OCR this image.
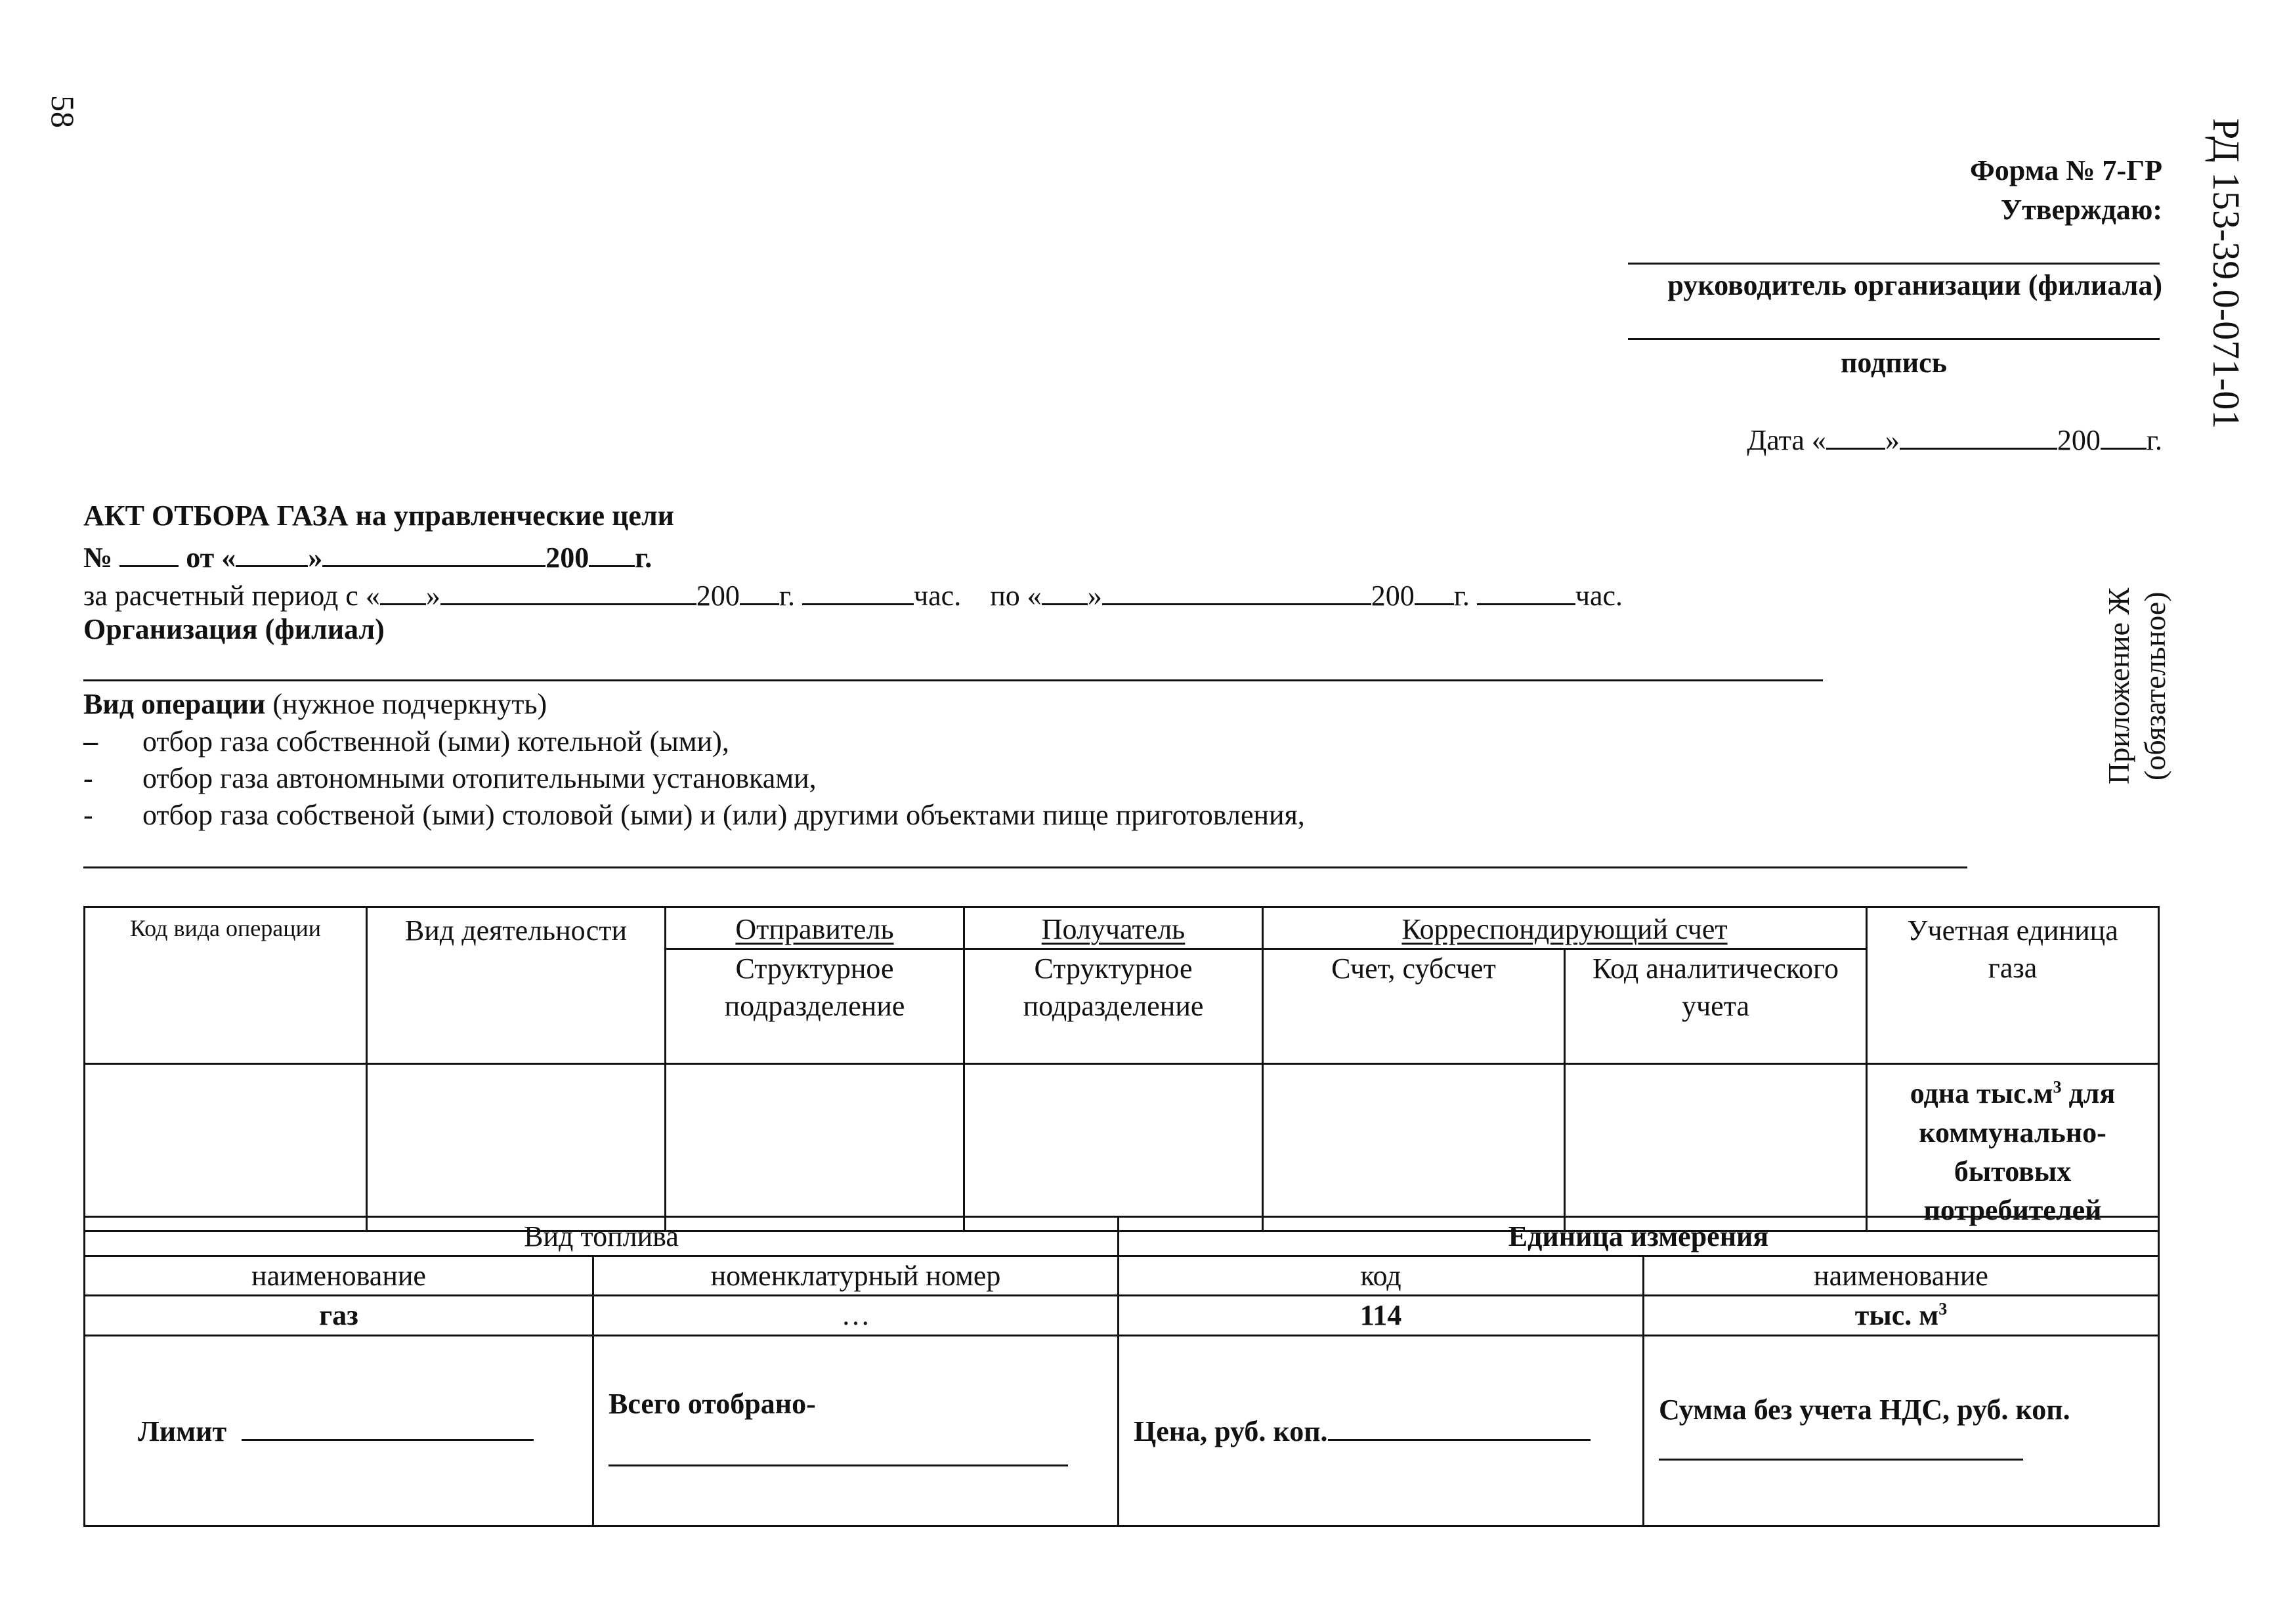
58
РД 153-39.0-071-01
Приложение Ж (обязательное)
Форма № 7-ГР
Утверждаю:
руководитель организации (филиала)
подпись
Дата « »	200 г.
АКТ ОТБОРА ГАЗА на управленческие цели
№	от «	»	200 г.
за расчетный период с « »	200 г.	час. по « »	200 г.	час.
Организация (филиал)
Вид операции (нужное подчеркнуть)
– отбор газа собственной (ыми) котельной (ыми),
- отбор газа автономными отопительными установками,
- отбор газа собственой (ыми) столовой (ыми) и (или) другими объектами пище приготовления,
Код вида операции	Вид деятельности	Отправитель	Получатель	Корреспондирующий счет		Учетная единица газа
		Структурное подразделение	Структурное подразделение	Счет, субсчет	Код аналитического учета	
						одна $тыс.м^3$ для коммунально-бытовых потребителей
Вид топлива		Единица измерения	
наименование	номенклатурный номер	код	наименование
газ	…	114	тыс. $м^3$
Лимит	Всего отобрано-	Цена, руб. коп.	Сумма без учета НДС, руб. коп.
